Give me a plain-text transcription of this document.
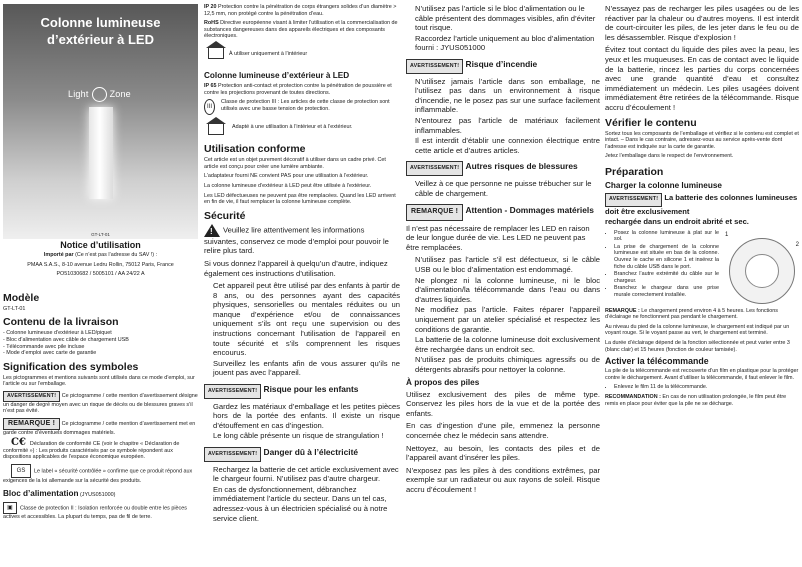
Colonne lumineuse
d’extérieur à LED
Light Zone
GT-LT-01
Notice d’utilisation

Importé par (Ce n’est pas l’adresse du SAV !) :

PMAA S.A.S., 8-10 avenue Ledru Rollin, 75012 Paris, France

PO51030682 / 5005101 / AA 24/22 A

Modèle

GT-LT-01

Contenu de la livraison
- Colonne lumineuse d’extérieur à LED/piquet
- Bloc d’alimentation avec câble de chargement USB
- Télécommande avec pile incluse
- Mode d’emploi avec carte de garantie
Signification des symboles

Les pictogrammes et mentions suivants sont utilisés dans ce mode d’emploi, sur l’article ou sur l’emballage.

AVERTISSEMENT! Ce pictogramme / cette mention d’avertissement désigne un danger de degré moyen avec un risque de décès ou de blessures graves s’il n’est pas évité.

REMARQUE ! Ce pictogramme / cette mention d’avertissement met en garde contre d’éventuels dommages matériels.

C€ Déclaration de conformité CE (voir le chapitre « Déclaration de conformité ») : Les produits caractérisés par ce symbole répondent aux dispositions applicables de l’espace économique européen.

GS Le label « sécurité contrôlée » confirme que ce produit répond aux exigences de la loi allemande sur la sécurité des produits.

Bloc d’alimentation (JYUS051000)

▣ Classe de protection II : Isolation renforcée ou double entre les pièces actives et accessibles. La plupart du temps, pas de fil de terre.

IP 20 Protection contre la pénétration de corps étrangers solides d’un diamètre > 12,5 mm, non protégé contre la pénétration d’eau.

RoHS Directive européenne visant à limiter l’utilisation et la commercialisation de substances dangereuses dans des appareils électriques et des composants électroniques.

À utiliser uniquement à l’intérieur

Colonne lumineuse d’extérieur à LED

IP 65 Protection anti-contact et protection contre la pénétration de poussière et contre les projections provenant de toutes directions.

III
Classe de protection III : Les articles de cette classe de protection sont utilisés avec une basse tension de protection.
Adapté à une utilisation à l’intérieur et à l’extérieur.
Utilisation conforme

Cet article est un objet purement décoratif à utiliser dans un cadre privé. Cet article est conçu pour créer une lumière ambiante.

L’adaptateur fourni NE convient PAS pour une utilisation à l’extérieur.

La colonne lumineuse d’extérieur à LED peut être utilisée à l’extérieur.

Les LED défectueuses ne peuvent pas être remplacées. Quand les LED arrivent en fin de vie, il faut remplacer la colonne lumineuse complète.

Sécurité

!Veuillez lire attentivement les informations suivantes, conservez ce mode d’emploi pour pouvoir le relire plus tard.

Si vous donnez l’appareil à quelqu’un d’autre, indiquez également ces instructions d’utilisation.

• Cet appareil peut être utilisé par des enfants à partir de 8 ans, ou des personnes ayant des capacités physiques, sensorielles ou mentales réduites ou un manque d’expérience et/ou de connaissances uniquement s’ils ont reçu une supervision ou des instructions concernant l’utilisation de l’appareil en toute sécurité et s’ils comprennent les risques encourus.
• Surveillez les enfants afin de vous assurer qu’ils ne jouent pas avec l’appareil.

AVERTISSEMENT! Risque pour les enfants

• Gardez les matériaux d’emballage et les petites pièces hors de la portée des enfants. Il existe un risque d’étouffement en cas d’ingestion.
• Le long câble présente un risque de strangulation !

AVERTISSEMENT! Danger dû à l’électricité

• Rechargez la batterie de cet article exclusivement avec le chargeur fourni. N’utilisez pas d’autre chargeur.
• En cas de dysfonctionnement, débranchez immédiatement l’article du secteur. Dans un tel cas, adressez-vous à un électricien spécialisé ou à notre service client.
• N’utilisez pas l’article si le bloc d’alimentation ou le câble présentent des dommages visibles, afin d’éviter tout risque.
• Raccordez l’article uniquement au bloc d’alimentation fourni : JYUS051000

AVERTISSEMENT! Risque d’incendie

• N’utilisez jamais l’article dans son emballage, ne l’utilisez pas dans un environnement à risque d’incendie, ne le posez pas sur une surface facilement inflammable.
• N’entourez pas l’article de matériaux facilement inflammables.
• Il est interdit d’établir une connexion électrique entre cette article et d’autres articles.

AVERTISSEMENT! Autres risques de blessures

• Veillez à ce que personne ne puisse trébucher sur le câble de chargement.

REMARQUE ! Attention - Dommages matériels

Il n’est pas nécessaire de remplacer les LED en raison de leur longue durée de vie. Les LED ne peuvent pas être remplacées.

• N’utilisez pas l’article s’il est défectueux, si le câble USB ou le bloc d’alimentation est endommagé.
• Ne plongez ni la colonne lumineuse, ni le bloc d’alimentation/la télécommande dans l’eau ou dans d’autres liquides.
• Ne modifiez pas l’article. Faites réparer l’appareil uniquement par un atelier spécialisé et respectez les conditions de garantie.
• La batterie de la colonne lumineuse doit exclusivement être rechargée dans un endroit sec.
• N’utilisez pas de produits chimiques agressifs ou de détergents abrasifs pour nettoyer la colonne.
À propos des piles

Utilisez exclusivement des piles de même type. Conservez les piles hors de la vue et de la portée des enfants.

En cas d’ingestion d’une pile, emmenez la personne concernée chez le médecin sans attendre.

Nettoyez, au besoin, les contacts des piles et de l’appareil avant d’insérer les piles.

N’exposez pas les piles à des conditions extrêmes, par exemple sur un radiateur ou aux rayons de soleil. Risque accru d’écoulement !

N’essayez pas de recharger les piles usagées ou de les réactiver par la chaleur ou d’autres moyens. Il est interdit de court-circuiter les piles, de les jeter dans le feu ou de les désassembler. Risque d’explosion !

Évitez tout contact du liquide des piles avec la peau, les yeux et les muqueuses. En cas de contact avec le liquide de la batterie, rincez les parties du corps concernées avec une grande quantité d’eau et consultez immédiatement un médecin. Les piles usagées doivent immédiatement être retirées de la télécommande. Risque accru d’écoulement !

Vérifier le contenu

Sortez tous les composants de l’emballage et vérifiez si le contenu est complet et intact. – Dans le cas contraire, adressez-vous au service après-vente dont l’adresse est indiquée sur la carte de garantie.

Jetez l’emballage dans le respect de l’environnement.

Préparation
Charger la colonne lumineuse

AVERTISSEMENT! La batterie des colonnes lumineuses doit être exclusivement

rechargée dans un endroit abrité et sec.

1
2
• Posez la colonne lumineuse à plat sur le sol.
• La prise de chargement de la colonne lumineuse est située en bas de la colonne. Ouvrez le cache en silicone 1 et insérez la fiche du câble USB dans le port.
• Branchez l’autre extrémité du câble sur le chargeur.
• Branchez le chargeur dans une prise murale correctement installée.

REMARQUE : Le chargement prend environ 4 à 5 heures. Les fonctions d’éclairage ne fonctionnent pas pendant le chargement.

Au niveau du pied de la colonne lumineuse, le chargement est indiqué par un voyant rouge. Si le voyant passe au vert, le chargement est terminé.

La durée d’éclairage dépend de la fonction sélectionnée et peut varier entre 3 (blanc clair) et 15 heures (fonction de couleur tamisée).

Activer la télécommande

La pile de la télécommande est recouverte d’un film en plastique pour la protéger contre le déchargement. Avant d’utiliser la télécommande, il faut enlever le film.

• Enlevez le film 11 de la télécommande.

RECOMMANDATION : En cas de non utilisation prolongée, le film peut être remis en place pour éviter que la pile ne se décharge.
